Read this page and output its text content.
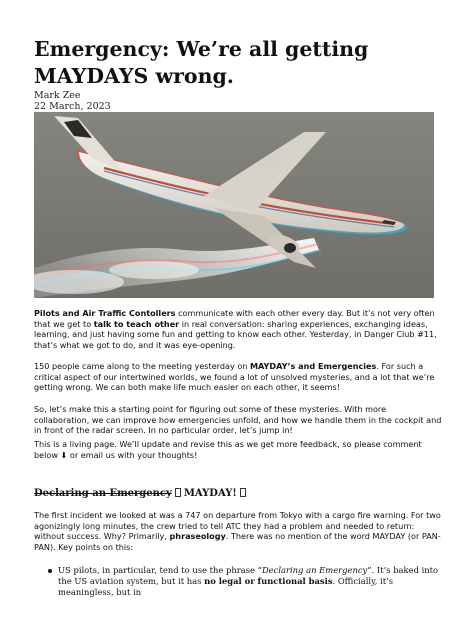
Emergency: We’re all getting MAYDAYS wrong.
Mark Zee
22 March, 2023

Pilots and Air Traffic Contollers communicate with each other every day. But it’s not very often that we get to talk to teach other in real conversation: sharing experiences, exchanging ideas, learning, and just having some fun and getting to know each other. Yesterday, in Danger Club #11, that’s what we got to do, and it was eye-opening.

150 people came along to the meeting yesterday on MAYDAY’s and Emergencies. For such a critical aspect of our intertwined worlds, we found a lot of unsolved mysteries, and a lot that we’re getting wrong. We can both make life much easier on each other, it seems!

So, let’s make this a starting point for figuring out some of these mysteries. With more collaboration, we can improve how emergencies unfold, and how we handle them in the cockpit and in front of the radar screen. In no particular order, let’s jump in!

This is a living page. We’ll update and revise this as we get more feedback, so please comment below ⬇ or email us with your thoughts!

Declaring an Emergency MAYDAY!

The first incident we looked at was a 747 on departure from Tokyo with a cargo fire warning. For two agonizingly long minutes, the crew tried to tell ATC they had a problem and needed to return: without success. Why? Primarily, phraseology. There was no mention of the word MAYDAY (or PAN-PAN). Key points on this:

US pilots, in particular, tend to use the phrase “Declaring an Emergency”. It’s baked into the US aviation system, but it has no legal or functional basis. Officially, it’s meaningless, but in
